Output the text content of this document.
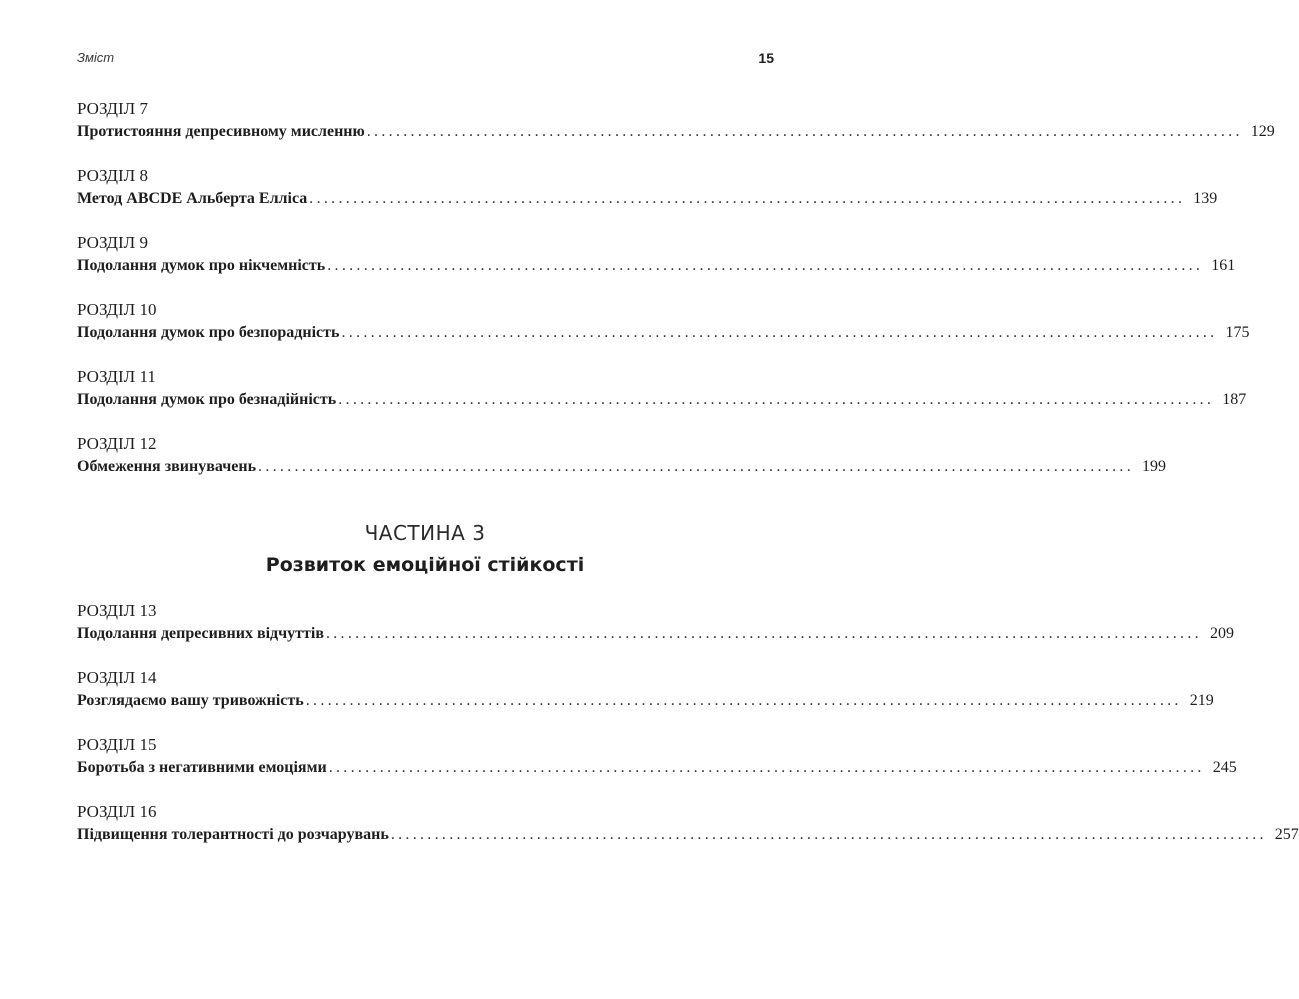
Зміст	15
РОЗДІЛ 7
Протистояння депресивному мисленню ........................................................................................................................ 129
РОЗДІЛ 8
Метод ABCDE Альберта Елліса ........................................................................................................................ 139
РОЗДІЛ 9
Подолання думок про нікчемність ........................................................................................................................ 161
РОЗДІЛ 10
Подолання думок про безпорадність ........................................................................................................................ 175
РОЗДІЛ 11
Подолання думок про безнадійність ........................................................................................................................ 187
РОЗДІЛ 12
Обмеження звинувачень ........................................................................................................................ 199
ЧАСТИНА 3
Розвиток емоційної стійкості
РОЗДІЛ 13
Подолання депресивних відчуттів ........................................................................................................................ 209
РОЗДІЛ 14
Розглядаємо вашу тривожність ........................................................................................................................ 219
РОЗДІЛ 15
Боротьба з негативними емоціями ........................................................................................................................ 245
РОЗДІЛ 16
Підвищення толерантності до розчарувань ........................................................................................................................ 257
